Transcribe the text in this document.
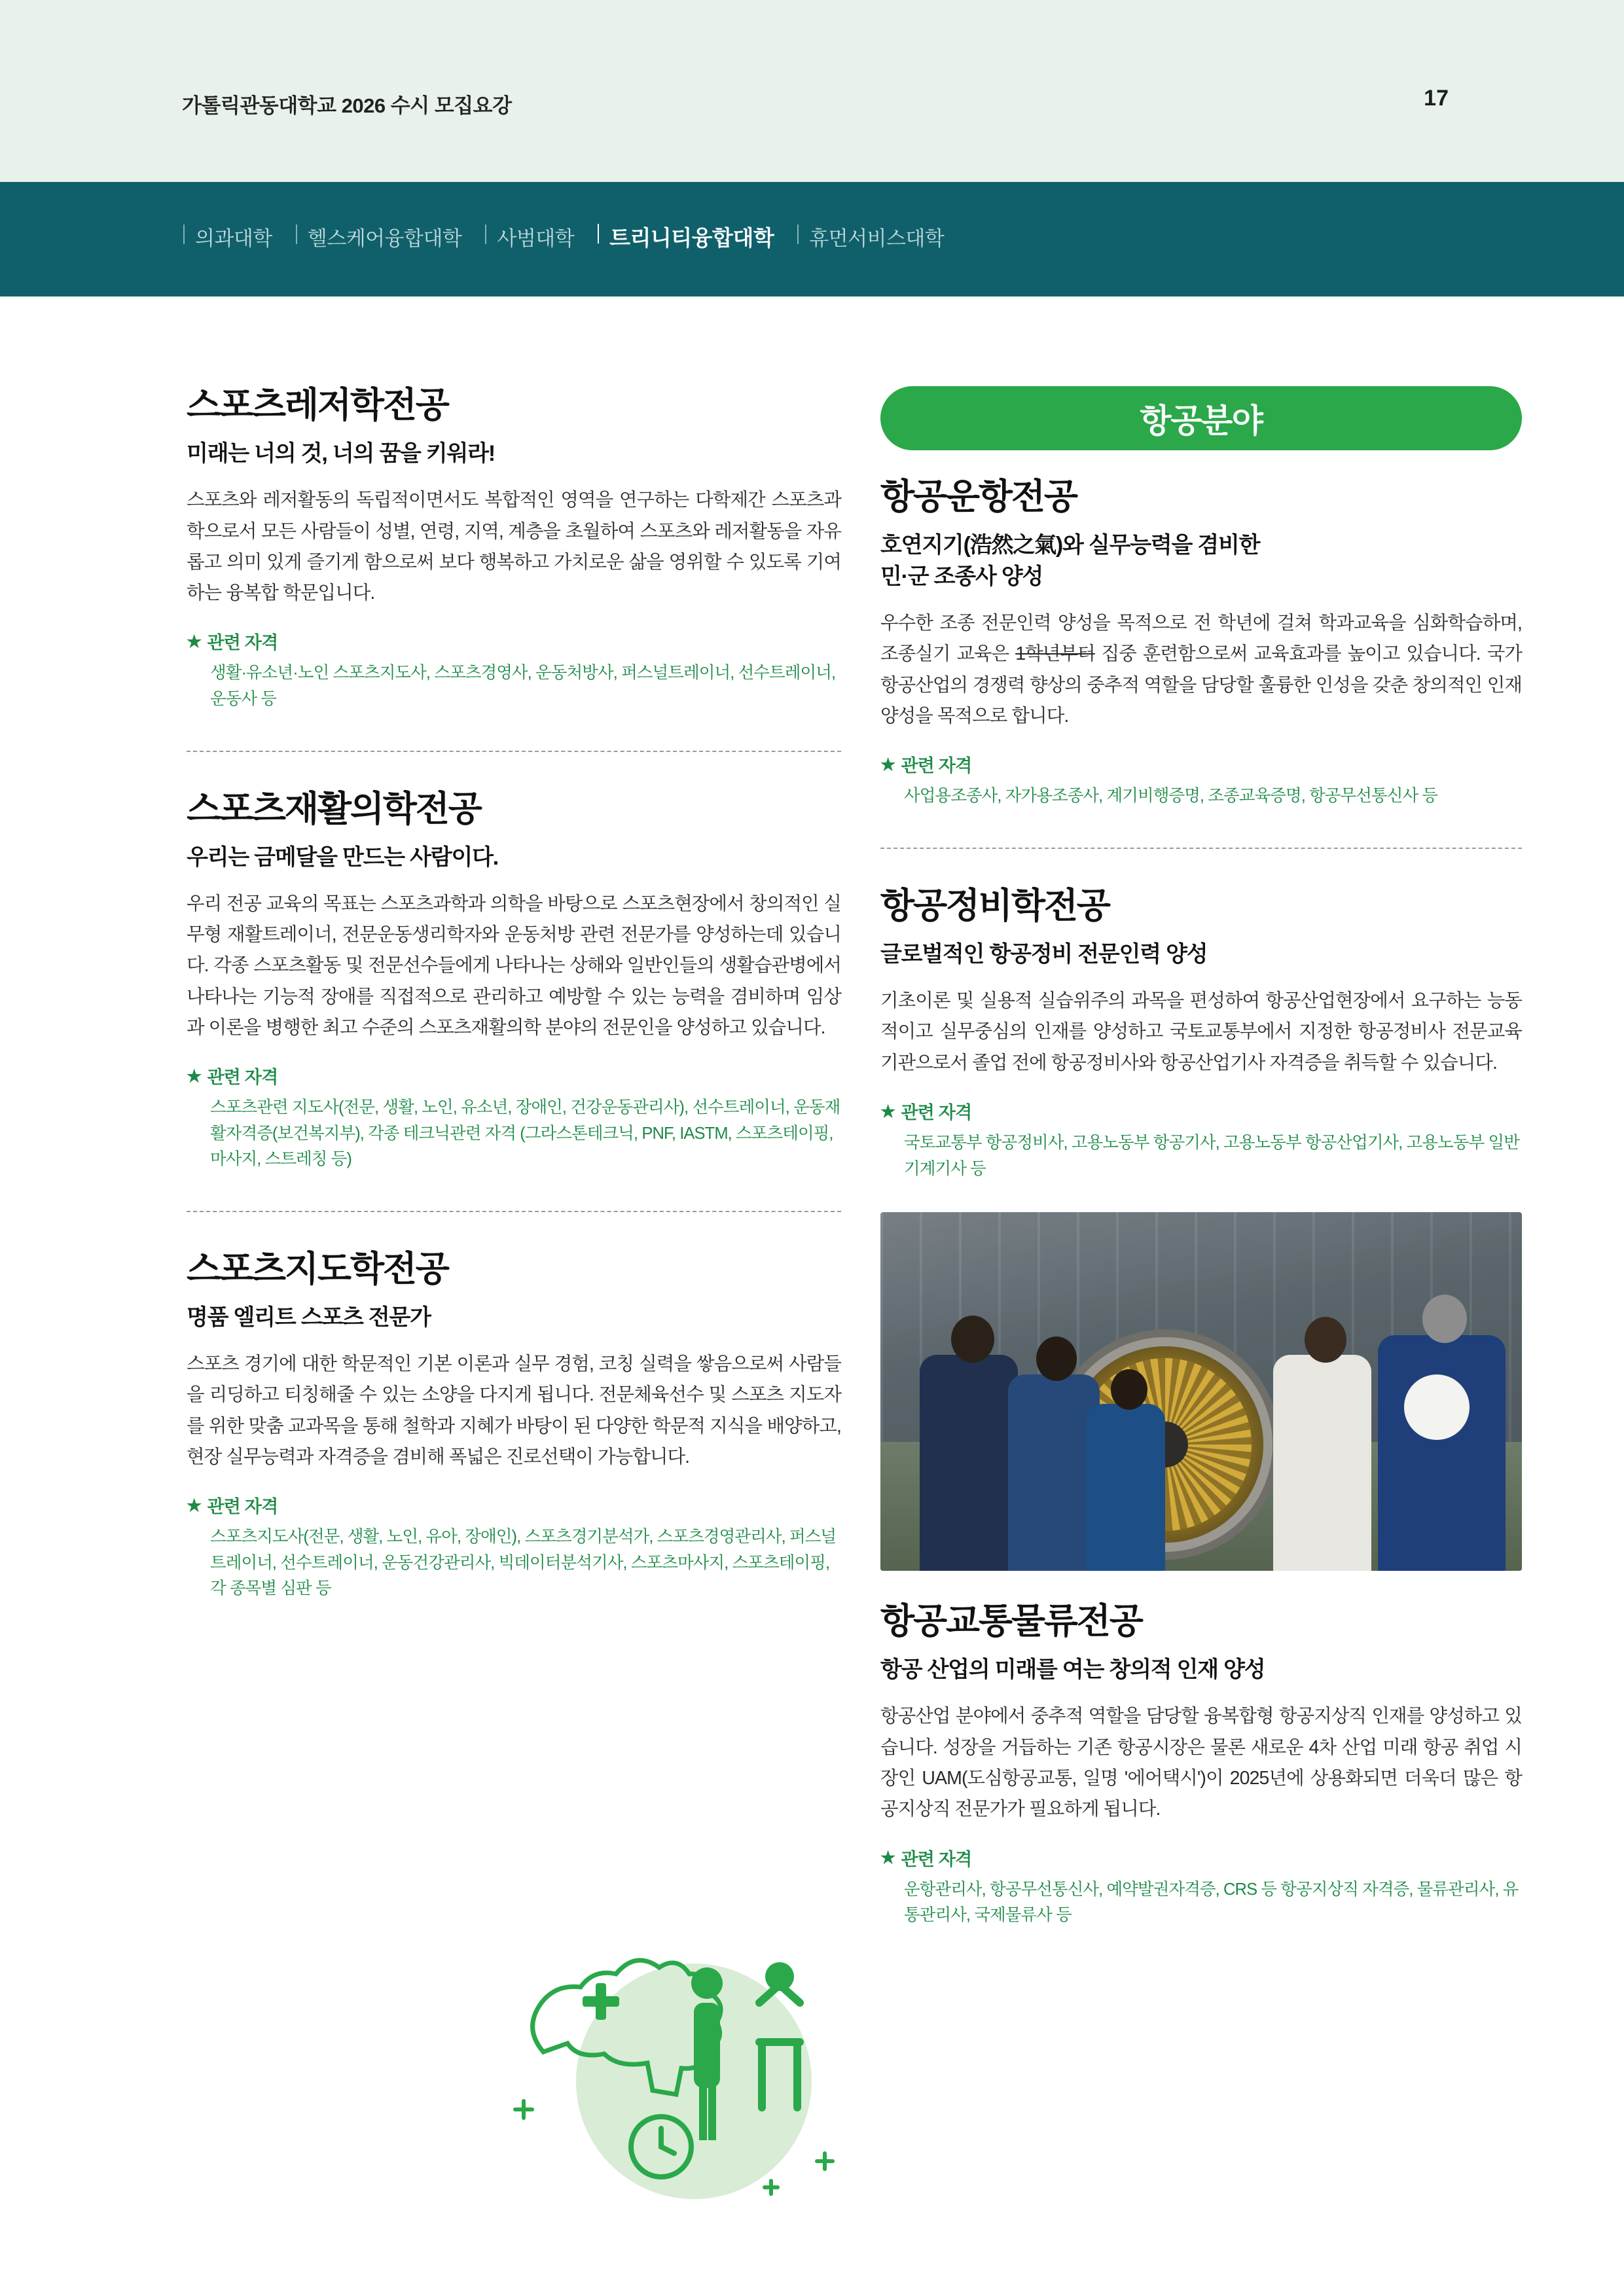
가톨릭관동대학교 2026 수시 모집요강	17
의과대학	헬스케어융합대학	사범대학	트리니티융합대학	휴먼서비스대학
스포츠레저학전공
미래는 너의 것, 너의 꿈을 키워라!

스포츠와 레저활동의 독립적이면서도 복합적인 영역을 연구하는 다학제간 스포츠과학으로서 모든 사람들이 성별, 연령, 지역, 계층을 초월하여 스포츠와 레저활동을 자유롭고 의미 있게 즐기게 함으로써 보다 행복하고 가치로운 삶을 영위할 수 있도록 기여하는 융복합 학문입니다.

★ 관련 자격
생활·유소년·노인 스포츠지도사, 스포츠경영사, 운동처방사, 퍼스널트레이너, 선수트레이너, 운동사 등
스포츠재활의학전공
우리는 금메달을 만드는 사람이다.

우리 전공 교육의 목표는 스포츠과학과 의학을 바탕으로 스포츠현장에서 창의적인 실무형 재활트레이너, 전문운동생리학자와 운동처방 관련 전문가를 양성하는데 있습니다. 각종 스포츠활동 및 전문선수들에게 나타나는 상해와 일반인들의 생활습관병에서 나타나는 기능적 장애를 직접적으로 관리하고 예방할 수 있는 능력을 겸비하며 임상과 이론을 병행한 최고 수준의 스포츠재활의학 분야의 전문인을 양성하고 있습니다.

★ 관련 자격
스포츠관련 지도사(전문, 생활, 노인, 유소년, 장애인, 건강운동관리사), 선수트레이너, 운동재활자격증(보건복지부), 각종 테크닉관련 자격 (그라스톤테크닉, PNF, IASTM, 스포츠테이핑, 마사지, 스트레칭 등)
스포츠지도학전공
명품 엘리트 스포츠 전문가

스포츠 경기에 대한 학문적인 기본 이론과 실무 경험, 코칭 실력을 쌓음으로써 사람들을 리딩하고 티칭해줄 수 있는 소양을 다지게 됩니다. 전문체육선수 및 스포츠 지도자를 위한 맞춤 교과목을 통해 철학과 지혜가 바탕이 된 다양한 학문적 지식을 배양하고, 현장 실무능력과 자격증을 겸비해 폭넓은 진로선택이 가능합니다.

★ 관련 자격
스포츠지도사(전문, 생활, 노인, 유아, 장애인), 스포츠경기분석가, 스포츠경영관리사, 퍼스널트레이너, 선수트레이너, 운동건강관리사, 빅데이터분석기사, 스포츠마사지, 스포츠테이핑, 각 종목별 심판 등
항공분야
항공운항전공
호연지기(浩然之氣)와 실무능력을 겸비한
민·군 조종사 양성

우수한 조종 전문인력 양성을 목적으로 전 학년에 걸쳐 학과교육을 심화학습하며, 조종실기 교육은 1학년부터 집중 훈련함으로써 교육효과를 높이고 있습니다. 국가 항공산업의 경쟁력 향상의 중추적 역할을 담당할 훌륭한 인성을 갖춘 창의적인 인재 양성을 목적으로 합니다.

★ 관련 자격
사업용조종사, 자가용조종사, 계기비행증명, 조종교육증명, 항공무선통신사 등
항공정비학전공
글로벌적인 항공정비 전문인력 양성

기초이론 및 실용적 실습위주의 과목을 편성하여 항공산업현장에서 요구하는 능동적이고 실무중심의 인재를 양성하고 국토교통부에서 지정한 항공정비사 전문교육기관으로서 졸업 전에 항공정비사와 항공산업기사 자격증을 취득할 수 있습니다.

★ 관련 자격
국토교통부 항공정비사, 고용노동부 항공기사, 고용노동부 항공산업기사, 고용노동부 일반기계기사 등
항공교통물류전공
항공 산업의 미래를 여는 창의적 인재 양성

항공산업 분야에서 중추적 역할을 담당할 융복합형 항공지상직 인재를 양성하고 있습니다. 성장을 거듭하는 기존 항공시장은 물론 새로운 4차 산업 미래 항공 취업 시장인 UAM(도심항공교통, 일명 '에어택시')이 2025년에 상용화되면 더욱더 많은 항공지상직 전문가가 필요하게 됩니다.

★ 관련 자격
운항관리사, 항공무선통신사, 예약발권자격증, CRS 등 항공지상직 자격증, 물류관리사, 유통관리사, 국제물류사 등
